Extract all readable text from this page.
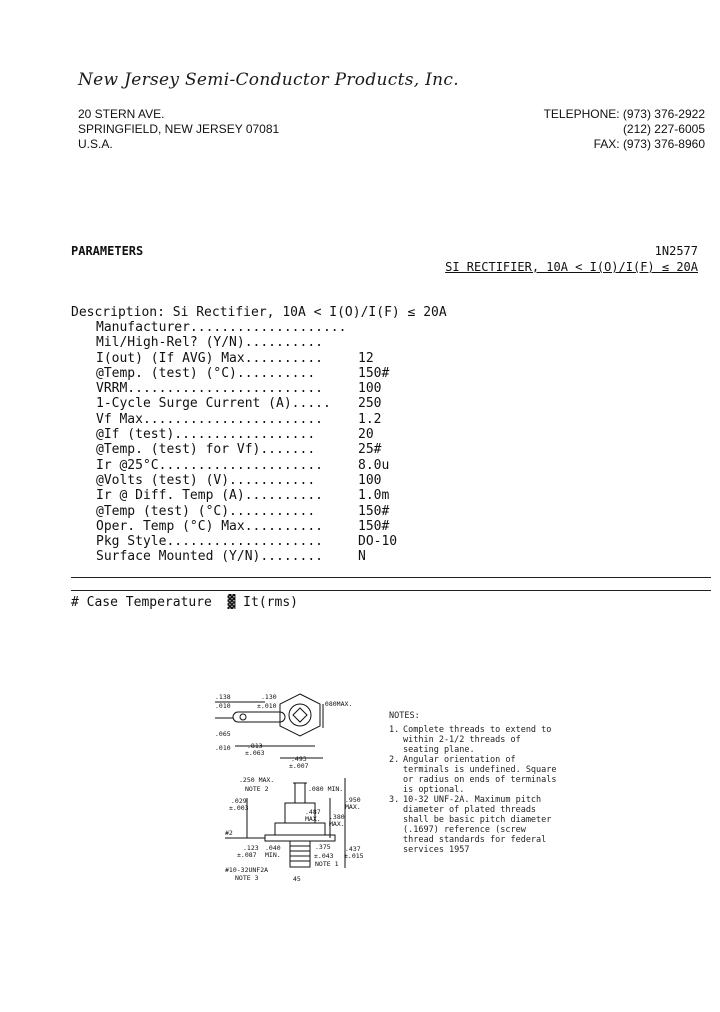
New Jersey Semi-Conductor Products, Inc.
20 STERN AVE.
SPRINGFIELD, NEW JERSEY 07081
U.S.A.
TELEPHONE: (973) 376-2922
(212) 227-6005
FAX: (973) 376-8960
PARAMETERS	1N2577
SI RECTIFIER, 10A < I(O)/I(F) ≤ 20A
Description: Si Rectifier, 10A < I(O)/I(F) ≤ 20A
Manufacturer....................
Mil/High-Rel? (Y/N)..........
I(out) (If AVG) Max..........	12
@Temp. (test) (°C)..........	150#
VRRM.........................	100
1-Cycle Surge Current (A).....	250
Vf Max.......................	1.2
@If (test)..................	20
@Temp. (test) for Vf).......	25#
Ir @25°C.....................	8.0u
@Volts (test) (V)...........	100
Ir @ Diff. Temp (A)..........	1.0m
@Temp (test) (°C)...........	150#
Oper. Temp (°C) Max..........	150#
Pkg Style....................	DO-10
Surface Mounted (Y/N)........	N
# Case Temperature  ▓ It(rms)
.138
.010
.130
±.010	.080MAX.
.065
.010	.813
±.063
.493
±.007
.250 MAX.
NOTE 2	.080 MIN.
.029
±.003	.487
MAX. .380
MAX.
.950
MAX.
.123 .040
±.087 MIN.
#2
.375 .437
±.043 ±.015
NOTE 1
#10-32UNF2A
NOTE 3	45
NOTES:
1. Complete threads to extend to within 2-1/2 threads of seating plane.
2. Angular orientation of terminals is undefined. Square or radius on ends of terminals is optional.
3. 10-32 UNF-2A. Maximum pitch diameter of plated threads shall be basic pitch diameter (.1697) reference (screw thread standards for federal services 1957
